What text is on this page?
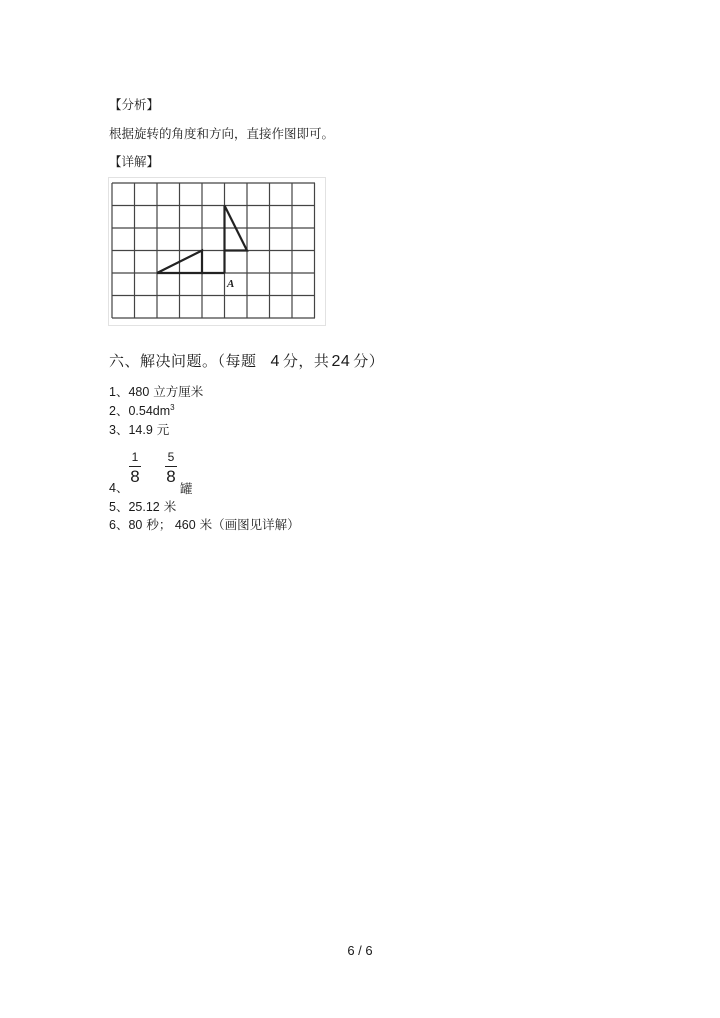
【分析】
根据旋转的角度和方向，直接作图即可。
【详解】
A
六、解决问题。（每题 4 分，共 24 分）
1、480 立方厘米
2、$0.54dm^3$
3、14.9 元
4、
1
8
5
8
罐
5、25.12 米
6、80 秒； 460 米（画图见详解）
6 / 6
